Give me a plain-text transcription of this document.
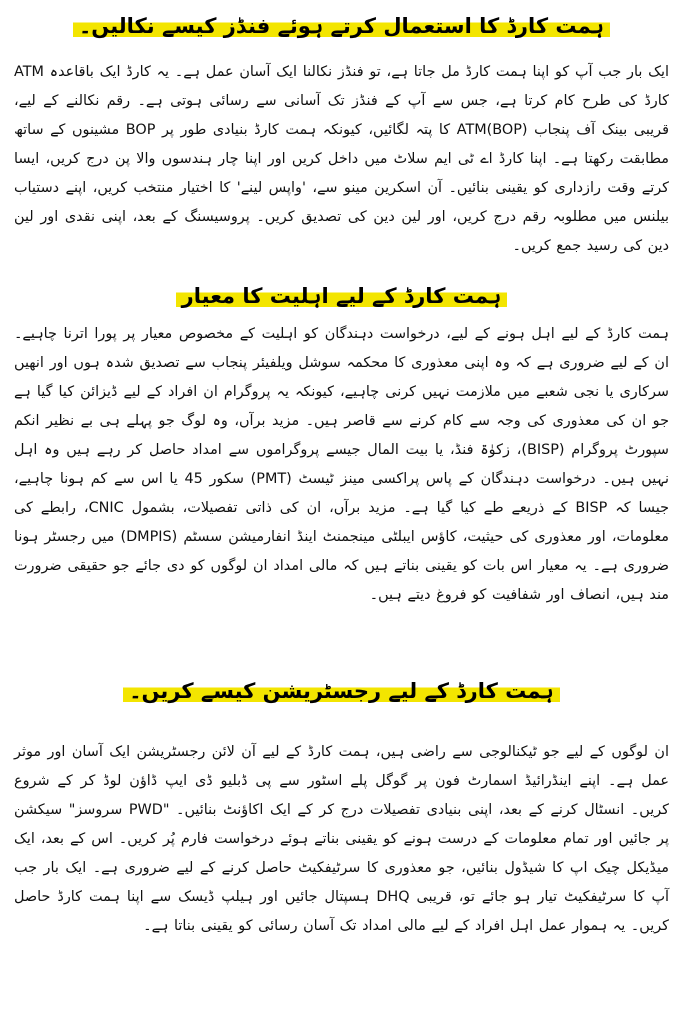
ہمت کارڈ کا استعمال کرتے ہوئے فنڈز کیسے نکالیں۔

ایک بار جب آپ کو اپنا ہمت کارڈ مل جاتا ہے، تو فنڈز نکالنا ایک آسان عمل ہے۔ یہ کارڈ ایک باقاعدہ ATM کارڈ کی طرح کام کرتا ہے، جس سے آپ کے فنڈز تک آسانی سے رسائی ہوتی ہے۔ رقم نکالنے کے لیے، قریبی بینک آف پنجاب ATM(BOP) کا پتہ لگائیں، کیونکہ ہمت کارڈ بنیادی طور پر BOP مشینوں کے ساتھ مطابقت رکھتا ہے۔ اپنا کارڈ اے ٹی ایم سلاٹ میں داخل کریں اور اپنا چار ہندسوں والا پن درج کریں، ایسا کرتے وقت رازداری کو یقینی بنائیں۔ آن اسکرین مینو سے، 'واپس لینے' کا اختیار منتخب کریں، اپنے دستیاب بیلنس میں مطلوبہ رقم درج کریں، اور لین دین کی تصدیق کریں۔ پروسیسنگ کے بعد، اپنی نقدی اور لین دین کی رسید جمع کریں۔

ہمت کارڈ کے لیے اہلیت کا معیار

ہمت کارڈ کے لیے اہل ہونے کے لیے، درخواست دہندگان کو اہلیت کے مخصوص معیار پر پورا اترنا چاہیے۔ ان کے لیے ضروری ہے کہ وہ اپنی معذوری کا محکمہ سوشل ویلفیئر پنجاب سے تصدیق شدہ ہوں اور انھیں سرکاری یا نجی شعبے میں ملازمت نہیں کرنی چاہیے، کیونکہ یہ پروگرام ان افراد کے لیے ڈیزائن کیا گیا ہے جو ان کی معذوری کی وجہ سے کام کرنے سے قاصر ہیں۔ مزید برآں، وہ لوگ جو پہلے ہی بے نظیر انکم سپورٹ پروگرام (BISP)، زکوٰۃ فنڈ، یا بیت المال جیسے پروگراموں سے امداد حاصل کر رہے ہیں وہ اہل نہیں ہیں۔ درخواست دہندگان کے پاس پراکسی مینز ٹیسٹ (PMT) سکور 45 یا اس سے کم ہونا چاہیے، جیسا کہ BISP کے ذریعے طے کیا گیا ہے۔ مزید برآں، ان کی ذاتی تفصیلات، بشمول CNIC، رابطے کی معلومات، اور معذوری کی حیثیت، کاؤس ایبلٹی مینجمنٹ اینڈ انفارمیشن سسٹم (DMPIS) میں رجسٹر ہونا ضروری ہے۔ یہ معیار اس بات کو یقینی بناتے ہیں کہ مالی امداد ان لوگوں کو دی جائے جو حقیقی ضرورت مند ہیں، انصاف اور شفافیت کو فروغ دیتے ہیں۔

ہمت کارڈ کے لیے رجسٹریشن کیسے کریں۔

ان لوگوں کے لیے جو ٹیکنالوجی سے راضی ہیں، ہمت کارڈ کے لیے آن لائن رجسٹریشن ایک آسان اور موثر عمل ہے۔ اپنے اینڈرائیڈ اسمارٹ فون پر گوگل پلے اسٹور سے پی ڈبلیو ڈی ایپ ڈاؤن لوڈ کر کے شروع کریں۔ انسٹال کرنے کے بعد، اپنی بنیادی تفصیلات درج کر کے ایک اکاؤنٹ بنائیں۔ "PWD سروسز" سیکشن پر جائیں اور تمام معلومات کے درست ہونے کو یقینی بناتے ہوئے درخواست فارم پُر کریں۔ اس کے بعد، ایک میڈیکل چیک اپ کا شیڈول بنائیں، جو معذوری کا سرٹیفکیٹ حاصل کرنے کے لیے ضروری ہے۔ ایک بار جب آپ کا سرٹیفکیٹ تیار ہو جائے تو، قریبی DHQ ہسپتال جائیں اور ہیلپ ڈیسک سے اپنا ہمت کارڈ حاصل کریں۔ یہ ہموار عمل اہل افراد کے لیے مالی امداد تک آسان رسائی کو یقینی بناتا ہے۔
